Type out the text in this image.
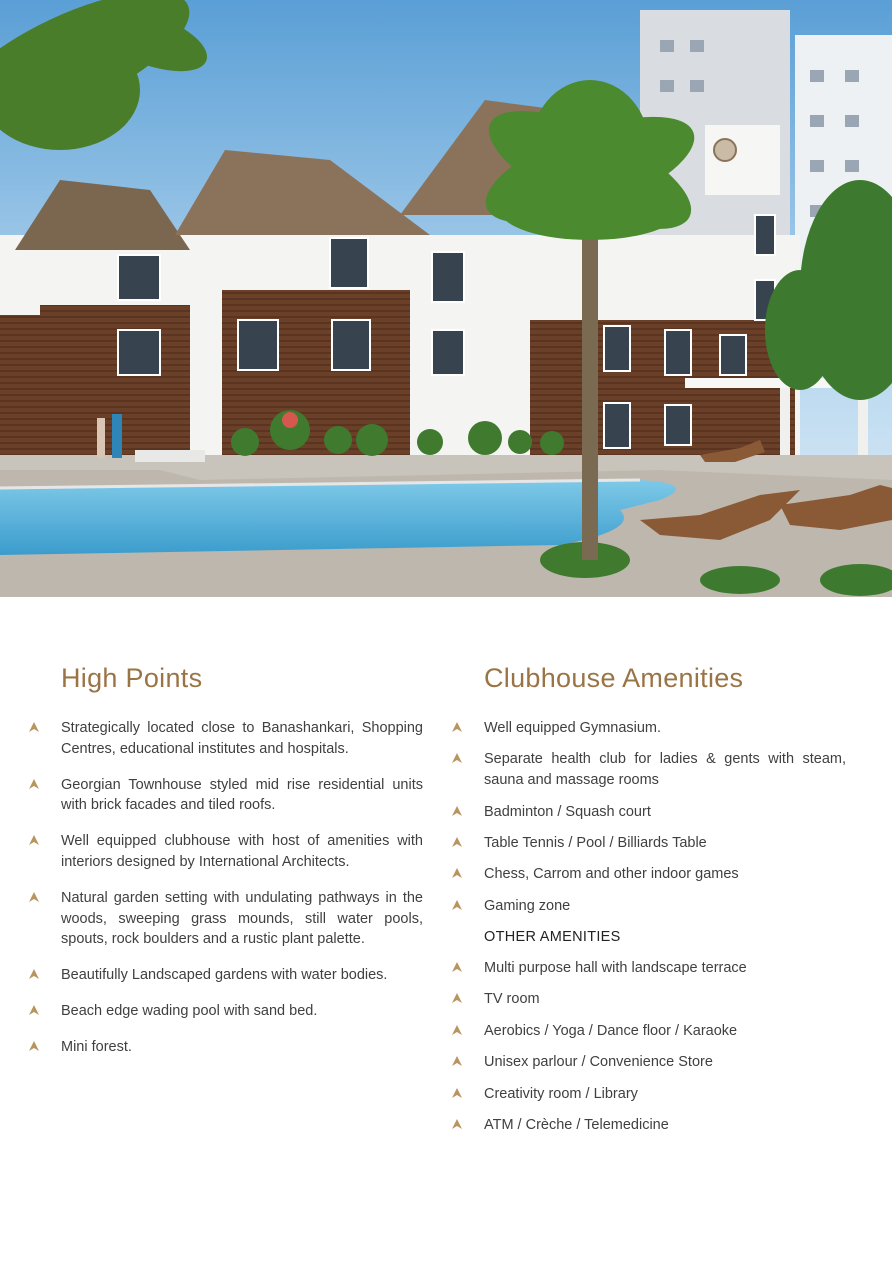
High Points
Strategically located close to Banashankari, Shopping Centres, educational institutes and hospitals.
Georgian Townhouse styled mid rise residential units with brick facades and tiled roofs.
Well equipped clubhouse with host of amenities with interiors designed by International Architects.
Natural garden setting with undulating pathways in the woods, sweeping grass mounds, still water pools, spouts, rock boulders and a rustic plant palette.
Beautifully Landscaped gardens with water bodies.
Beach edge wading pool with sand bed.
Mini forest.
Clubhouse Amenities
Well equipped Gymnasium.
Separate health club for ladies & gents with steam, sauna and massage rooms
Badminton / Squash court
Table Tennis / Pool / Billiards Table
Chess, Carrom and other indoor games
Gaming zone
OTHER AMENITIES
Multi purpose hall with landscape terrace
TV room
Aerobics / Yoga / Dance floor / Karaoke
Unisex parlour / Convenience Store
Creativity room / Library
ATM / Crèche / Telemedicine
